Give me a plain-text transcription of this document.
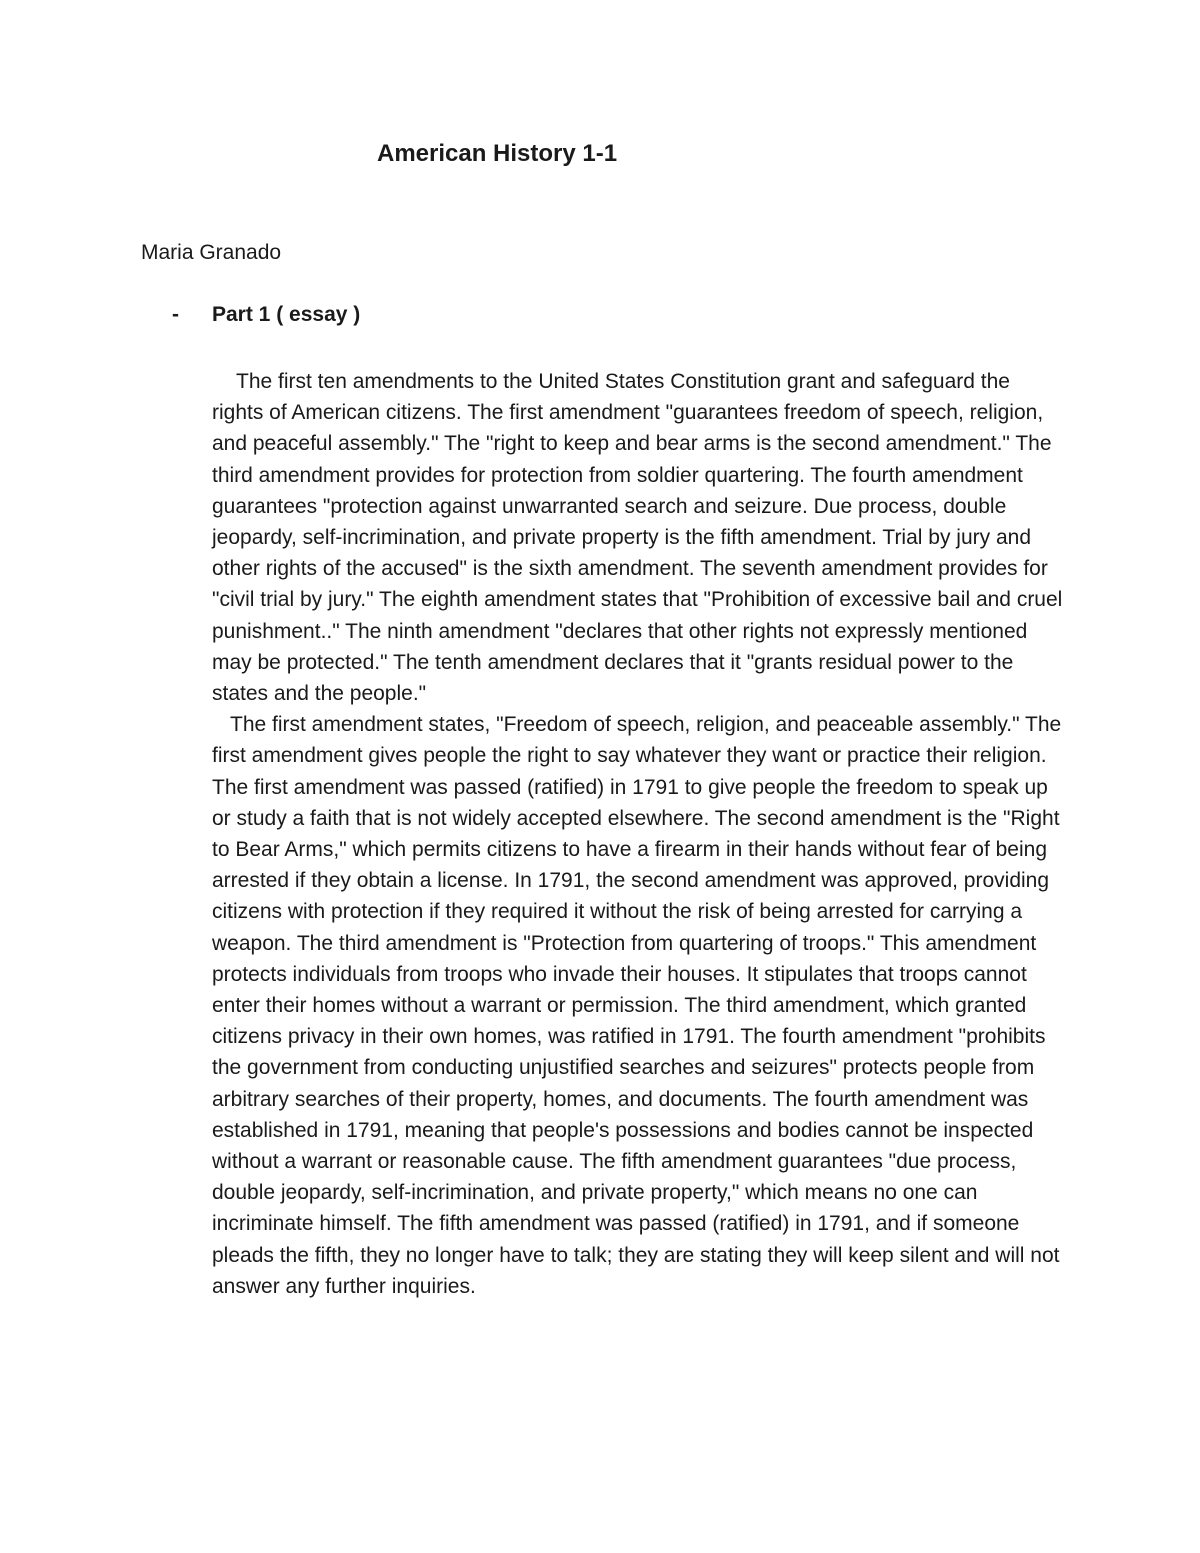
American History 1-1
Maria Granado
- Part 1 ( essay )

The first ten amendments to the United States Constitution grant and safeguard the rights of American citizens. The first amendment "guarantees freedom of speech, religion, and peaceful assembly." The "right to keep and bear arms is the second amendment." The third amendment provides for protection from soldier quartering. The fourth amendment guarantees "protection against unwarranted search and seizure. Due process, double jeopardy, self-incrimination, and private property is the fifth amendment. Trial by jury and other rights of the accused" is the sixth amendment. The seventh amendment provides for "civil trial by jury." The eighth amendment states that "Prohibition of excessive bail and cruel punishment.." The ninth amendment "declares that other rights not expressly mentioned may be protected." The tenth amendment declares that it "grants residual power to the states and the people."

The first amendment states, "Freedom of speech, religion, and peaceable assembly." The first amendment gives people the right to say whatever they want or practice their religion. The first amendment was passed (ratified) in 1791 to give people the freedom to speak up or study a faith that is not widely accepted elsewhere. The second amendment is the "Right to Bear Arms," which permits citizens to have a firearm in their hands without fear of being arrested if they obtain a license. In 1791, the second amendment was approved, providing citizens with protection if they required it without the risk of being arrested for carrying a weapon. The third amendment is "Protection from quartering of troops." This amendment protects individuals from troops who invade their houses. It stipulates that troops cannot enter their homes without a warrant or permission. The third amendment, which granted citizens privacy in their own homes, was ratified in 1791. The fourth amendment "prohibits the government from conducting unjustified searches and seizures" protects people from arbitrary searches of their property, homes, and documents. The fourth amendment was established in 1791, meaning that people's possessions and bodies cannot be inspected without a warrant or reasonable cause. The fifth amendment guarantees "due process, double jeopardy, self-incrimination, and private property," which means no one can incriminate himself. The fifth amendment was passed (ratified) in 1791, and if someone pleads the fifth, they no longer have to talk; they are stating they will keep silent and will not answer any further inquiries.
